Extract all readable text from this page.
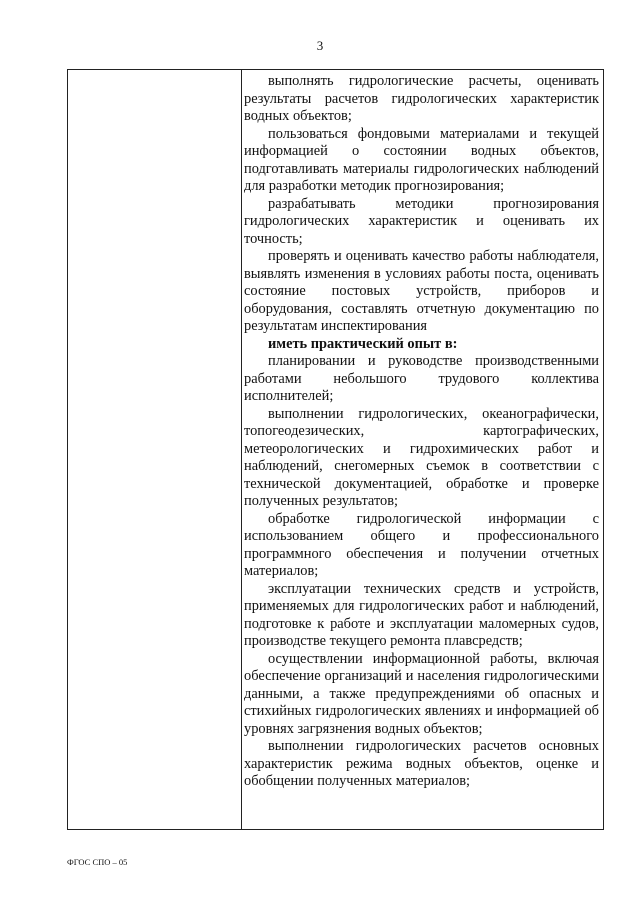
3

выполнять гидрологические расчеты, оценивать результаты расчетов гидрологических характеристик водных объектов;

пользоваться фондовыми материалами и текущей информацией о состоянии водных объектов, подготавливать материалы гидрологических наблюдений для разработки методик прогнозирования;

разрабатывать методики прогнозирования гидрологических характеристик и оценивать их точность;

проверять и оценивать качество работы наблюдателя, выявлять изменения в условиях работы поста, оценивать состояние постовых устройств, приборов и оборудования, составлять отчетную документацию по результатам инспектирования

иметь практический опыт в:

планировании и руководстве производственными работами небольшого трудового коллектива исполнителей;

выполнении гидрологических, океанографически, топогеодезических, картографических, метеорологических и гидрохимических работ и наблюдений, снегомерных съемок в соответствии с технической документацией, обработке и проверке полученных результатов;

обработке гидрологической информации с использованием общего и профессионального программного обеспечения и получении отчетных материалов;

эксплуатации технических средств и устройств, применяемых для гидрологических работ и наблюдений, подготовке к работе и эксплуатации маломерных судов, производстве текущего ремонта плавсредств;

осуществлении информационной работы, включая обеспечение организаций и населения гидрологическими данными, а также предупреждениями об опасных и стихийных гидрологических явлениях и информацией об уровнях загрязнения водных объектов;

выполнении гидрологических расчетов основных характеристик режима водных объектов, оценке и обобщении полученных материалов;

ФГОС СПО – 05
